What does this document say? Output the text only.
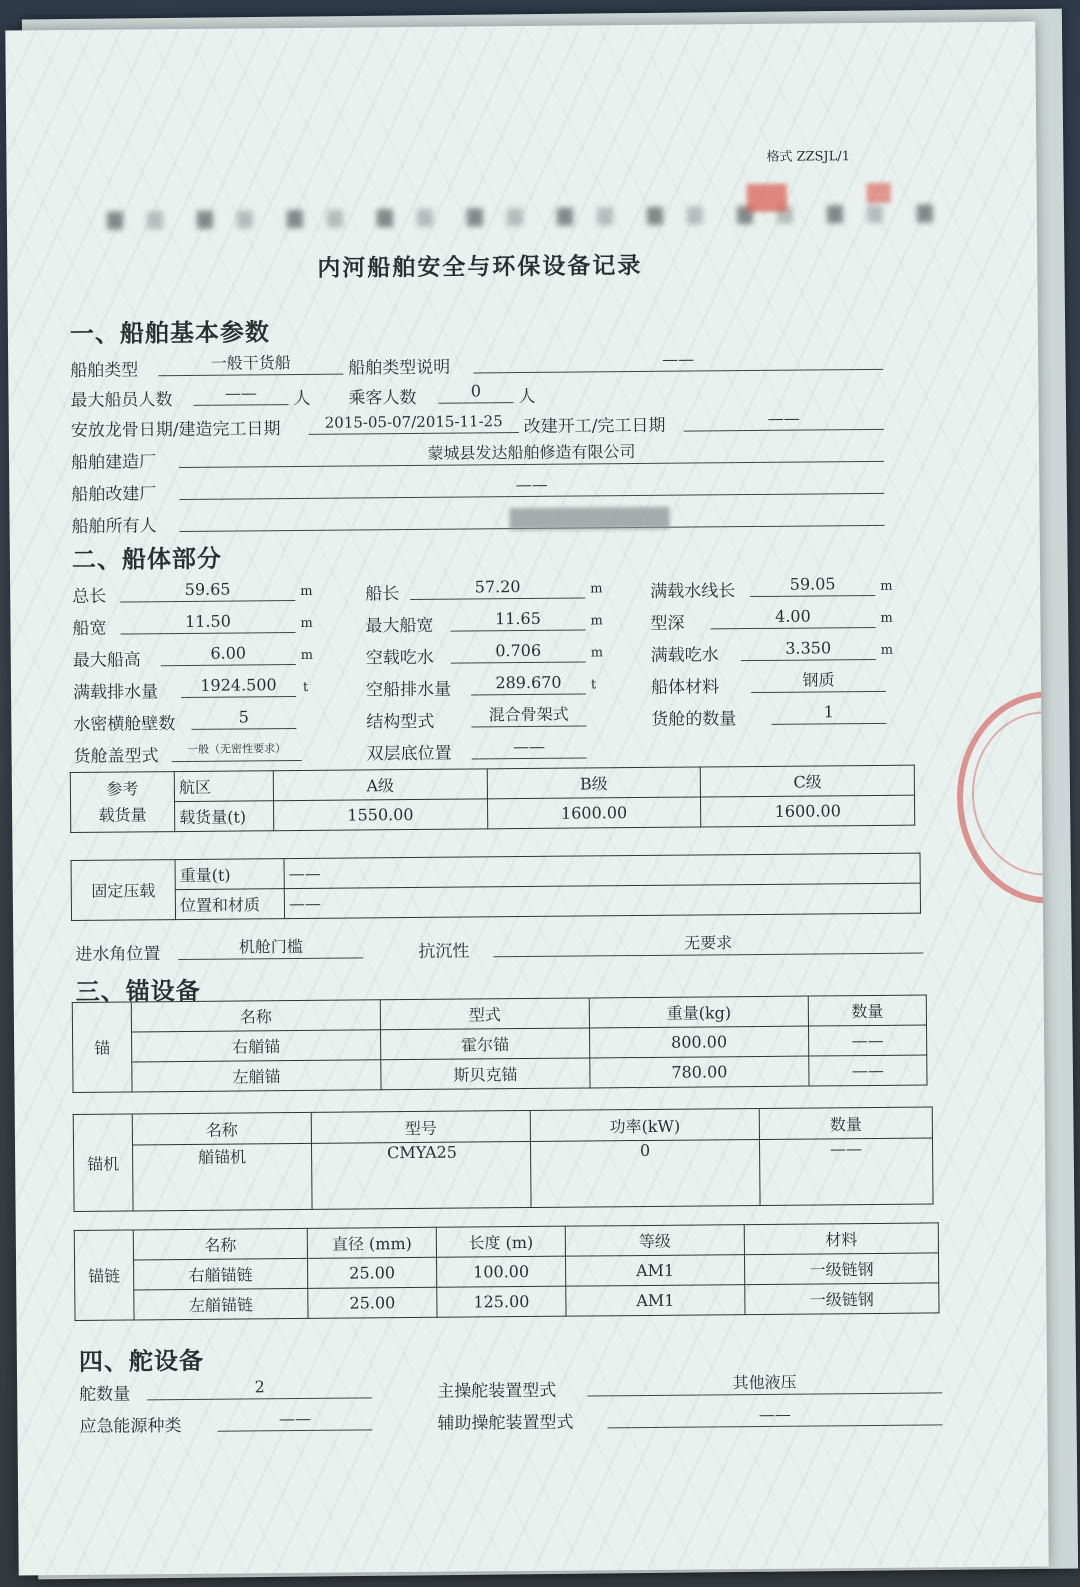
格式 ZZSJL/1
内河船舶安全与环保设备记录
一、船舶基本参数
船舶类型	一般干货船	船舶类型说明	——
最大船员人数	——	人 乘客人数	0	人
安放龙骨日期/建造完工日期	2015-05-07/2015-11-25	改建开工/完工日期	——
船舶建造厂	蒙城县发达船舶修造有限公司
船舶改建厂	——
船舶所有人
二、船体部分
总长	59.65	m	船长	57.20	m	满载水线长	59.05	m
船宽	11.50	m	最大船宽	11.65	m	型深	4.00	m
最大船高	6.00	m	空载吃水	0.706	m	满载吃水	3.350	m
满载排水量	1924.500	t	空船排水量	289.670	t	船体材料	钢质
水密横舱壁数	5	结构型式	混合骨架式	货舱的数量	1
货舱盖型式	一般（无密性要求）	双层底位置	——
参考
载货量	航区	A级	B级	C级
	载货量(t)	1550.00	1600.00	1600.00
固定压载	重量(t)	——
	位置和材质	——
进水角位置	机舱门槛	抗沉性	无要求
三、锚设备
锚	名称	型式	重量(kg)	数量
	右艏锚	霍尔锚	800.00	——
	左艏锚	斯贝克锚	780.00	——
锚机	名称	型号	功率(kW)	数量
	艏锚机	CMYA25	0	——
锚链	名称	直径 (mm)	长度 (m)	等级	材料
	右艏锚链	25.00	100.00	AM1	一级链钢
	左艏锚链	25.00	125.00	AM1	一级链钢
四、舵设备
舵数量	2	主操舵装置型式	其他液压
应急能源种类	——	辅助操舵装置型式	——
